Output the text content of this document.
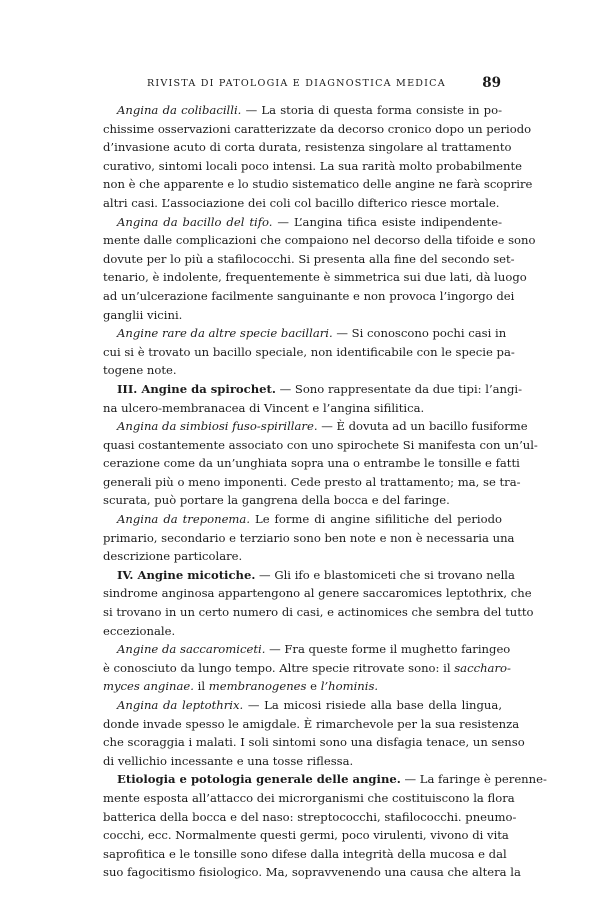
RIVISTA DI PATOLOGIA E DIAGNOSTICA MEDICA	89
Angina da colibacilli. — La storia di questa forma consiste in po-
chissime osservazioni caratterizzate da decorso cronico dopo un periodo
d’invasione acuto di corta durata, resistenza singolare al trattamento
curativo, sintomi locali poco intensi. La sua rarità molto probabilmente
non è che apparente e lo studio sistematico delle angine ne farà scoprire
altri casi. L’associazione dei coli col bacillo difterico riesce mortale.
Angina da bacillo del tifo. — L’angina tifica esiste indipendente-
mente dalle complicazioni che compaiono nel decorso della tifoide e sono
dovute per lo più a stafilococchi. Si presenta alla fine del secondo set-
tenario, è indolente, frequentemente è simmetrica sui due lati, dà luogo
ad un’ulcerazione facilmente sanguinante e non provoca l’ingorgo dei
ganglii vicini.
Angine rare da altre specie bacillari. — Si conoscono pochi casi in
cui si è trovato un bacillo speciale, non identificabile con le specie pa-
togene note.
III. Angine da spirochet. — Sono rappresentate da due tipi: l’angi-
na ulcero-membranacea di Vincent e l’angina sifilitica.
Angina da simbiosi fuso-spirillare. — È dovuta ad un bacillo fusiforme
quasi costantemente associato con uno spirochete Si manifesta con un’ul-
cerazione come da un’unghiata sopra una o entrambe le tonsille e fatti
generali più o meno imponenti. Cede presto al trattamento; ma, se tra-
scurata, può portare la gangrena della bocca e del faringe.
Angina da treponema. Le forme di angine sifilitiche del periodo
primario, secondario e terziario sono ben note e non è necessaria una
descrizione particolare.
IV. Angine micotiche. — Gli ifo e blastomiceti che si trovano nella
sindrome anginosa appartengono al genere saccaromices leptothrix, che
si trovano in un certo numero di casi, e actinomices che sembra del tutto
eccezionale.
Angine da saccaromiceti. — Fra queste forme il mughetto faringeo
è conosciuto da lungo tempo. Altre specie ritrovate sono: il saccharo-
myces anginae. il membranogenes e l’hominis.
Angina da leptothrix. — La micosi risiede alla base della lingua,
donde invade spesso le amigdale. È rimarchevole per la sua resistenza
che scoraggia i malati. I soli sintomi sono una disfagia tenace, un senso
di vellichio incessante e una tosse riflessa.
Etiologia e potologia generale delle angine. — La faringe è perenne-
mente esposta all’attacco dei microrganismi che costituiscono la flora
batterica della bocca e del naso: streptococchi, stafilococchi. pneumo-
cocchi, ecc. Normalmente questi germi, poco virulenti, vivono di vita
saprofitica e le tonsille sono difese dalla integrità della mucosa e dal
suo fagocitismo fisiologico. Ma, sopravvenendo una causa che altera la
